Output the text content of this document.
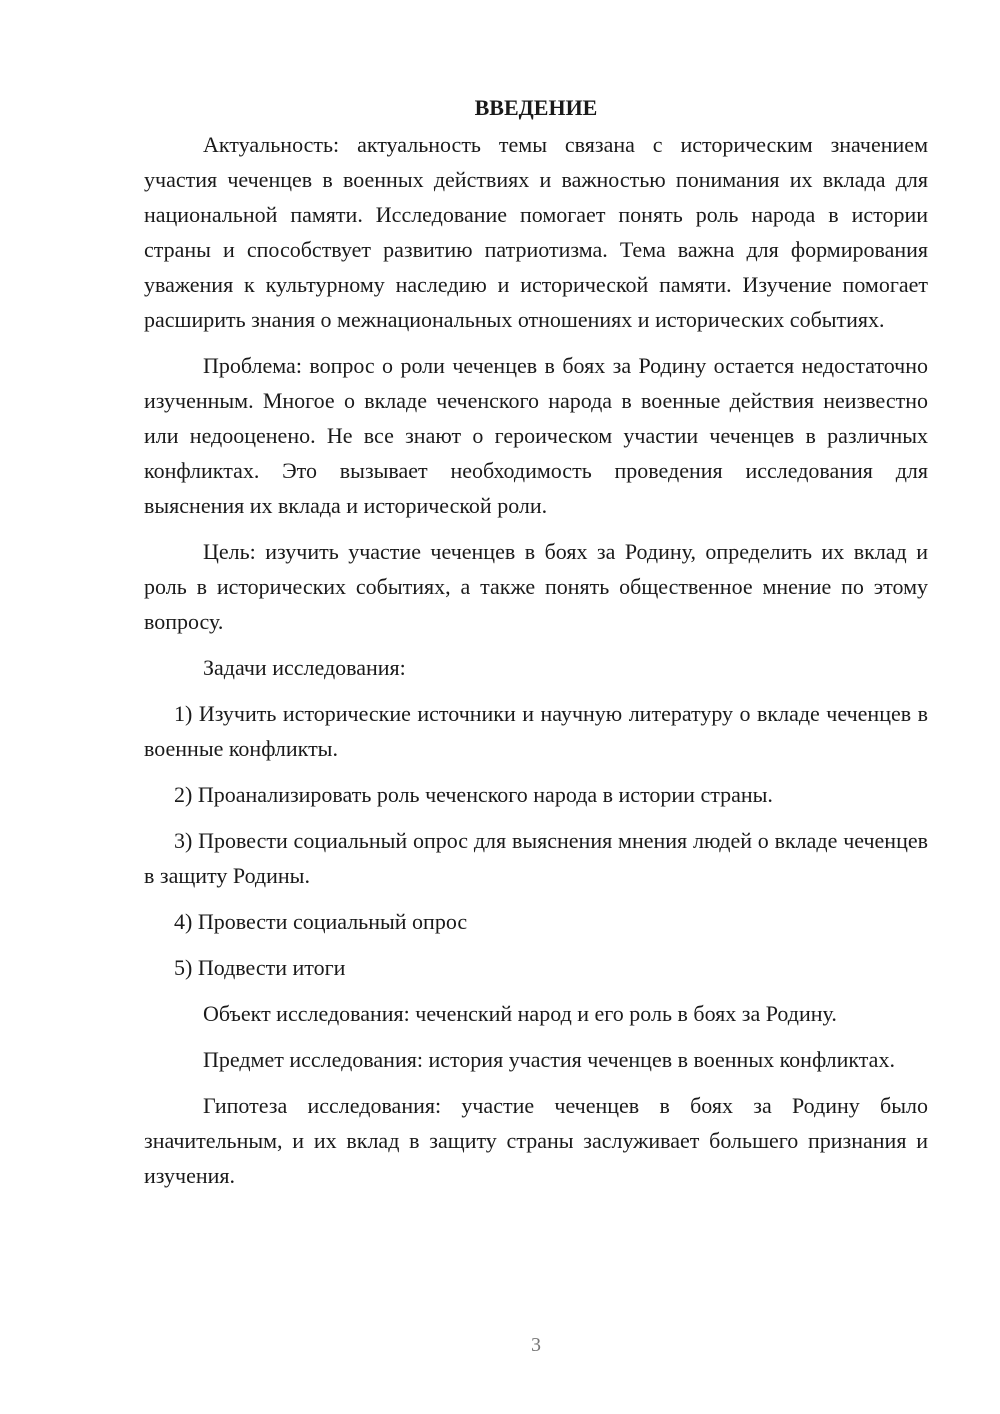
ВВЕДЕНИЕ

Актуальность: актуальность темы связана с историческим значением участия чеченцев в военных действиях и важностью понимания их вклада для национальной памяти. Исследование помогает понять роль народа в истории страны и способствует развитию патриотизма. Тема важна для формирования уважения к культурному наследию и исторической памяти. Изучение помогает расширить знания о межнациональных отношениях и исторических событиях.

Проблема: вопрос о роли чеченцев в боях за Родину остается недостаточно изученным. Многое о вкладе чеченского народа в военные действия неизвестно или недооценено. Не все знают о героическом участии чеченцев в различных конфликтах. Это вызывает необходимость проведения исследования для выяснения их вклада и исторической роли.

Цель: изучить участие чеченцев в боях за Родину, определить их вклад и роль в исторических событиях, а также понять общественное мнение по этому вопросу.

Задачи исследования:

1) Изучить исторические источники и научную литературу о вкладе чеченцев в военные конфликты.

2) Проанализировать роль чеченского народа в истории страны.

3) Провести социальный опрос для выяснения мнения людей о вкладе чеченцев в защиту Родины.

4) Провести социальный опрос

5) Подвести итоги

Объект исследования: чеченский народ и его роль в боях за Родину.

Предмет исследования: история участия чеченцев в военных конфликтах.

Гипотеза исследования: участие чеченцев в боях за Родину было значительным, и их вклад в защиту страны заслуживает большего признания и изучения.

3
